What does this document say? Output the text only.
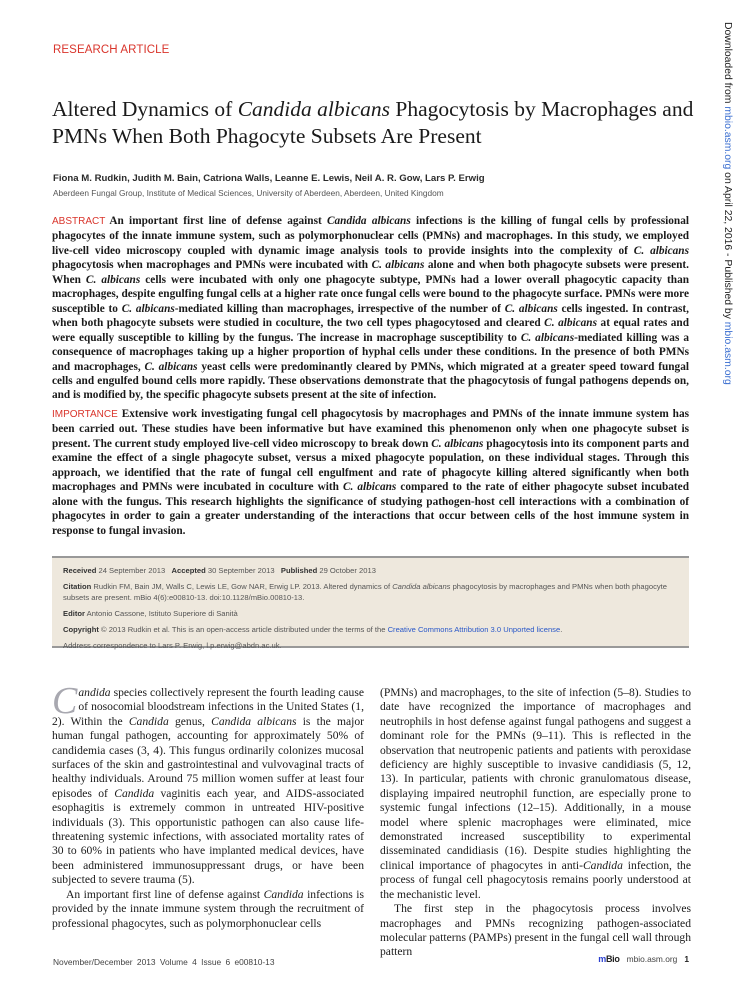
RESEARCH ARTICLE
Altered Dynamics of Candida albicans Phagocytosis by Macrophages and PMNs When Both Phagocyte Subsets Are Present
Fiona M. Rudkin, Judith M. Bain, Catriona Walls, Leanne E. Lewis, Neil A. R. Gow, Lars P. Erwig
Aberdeen Fungal Group, Institute of Medical Sciences, University of Aberdeen, Aberdeen, United Kingdom

ABSTRACT An important first line of defense against Candida albicans infections is the killing of fungal cells by professional phagocytes of the innate immune system, such as polymorphonuclear cells (PMNs) and macrophages. In this study, we employed live-cell video microscopy coupled with dynamic image analysis tools to provide insights into the complexity of C. albicans phagocytosis when macrophages and PMNs were incubated with C. albicans alone and when both phagocyte subsets were present. When C. albicans cells were incubated with only one phagocyte subtype, PMNs had a lower overall phagocytic capacity than macrophages, despite engulfing fungal cells at a higher rate once fungal cells were bound to the phagocyte surface. PMNs were more susceptible to C. albicans-mediated killing than macrophages, irrespective of the number of C. albicans cells ingested. In contrast, when both phagocyte subsets were studied in coculture, the two cell types phagocytosed and cleared C. albicans at equal rates and were equally susceptible to killing by the fungus. The increase in macrophage susceptibility to C. albicans-mediated killing was a consequence of macrophages taking up a higher proportion of hyphal cells under these conditions. In the presence of both PMNs and macrophages, C. albicans yeast cells were predominantly cleared by PMNs, which migrated at a greater speed toward fungal cells and engulfed bound cells more rapidly. These observations demonstrate that the phagocytosis of fungal pathogens depends on, and is modified by, the specific phagocyte subsets present at the site of infection.

IMPORTANCE Extensive work investigating fungal cell phagocytosis by macrophages and PMNs of the innate immune system has been carried out. These studies have been informative but have examined this phenomenon only when one phagocyte subset is present. The current study employed live-cell video microscopy to break down C. albicans phagocytosis into its component parts and examine the effect of a single phagocyte subset, versus a mixed phagocyte population, on these individual stages. Through this approach, we identified that the rate of fungal cell engulfment and rate of phagocyte killing altered significantly when both macrophages and PMNs were incubated in coculture with C. albicans compared to the rate of either phagocyte subset incubated alone with the fungus. This research highlights the significance of studying pathogen-host cell interactions with a combination of phagocytes in order to gain a greater understanding of the interactions that occur between cells of the host immune system in response to fungal invasion.

Received 24 September 2013 Accepted 30 September 2013 Published 29 October 2013

Citation Rudkin FM, Bain JM, Walls C, Lewis LE, Gow NAR, Erwig LP. 2013. Altered dynamics of Candida albicans phagocytosis by macrophages and PMNs when both phagocyte subsets are present. mBio 4(6):e00810-13. doi:10.1128/mBio.00810-13.

Editor Antonio Cassone, Istituto Superiore di Sanità

Copyright © 2013 Rudkin et al. This is an open-access article distributed under the terms of the Creative Commons Attribution 3.0 Unported license.

Address correspondence to Lars P. Erwig, l.p.erwig@abdn.ac.uk.

Candida species collectively represent the fourth leading cause of nosocomial bloodstream infections in the United States (1, 2). Within the Candida genus, Candida albicans is the major human fungal pathogen, accounting for approximately 50% of candidemia cases (3, 4). This fungus ordinarily colonizes mucosal surfaces of the skin and gastrointestinal and vulvovaginal tracts of healthy individuals. Around 75 million women suffer at least four episodes of Candida vaginitis each year, and AIDS-associated esophagitis is extremely common in untreated HIV-positive individuals (3). This opportunistic pathogen can also cause life-threatening systemic infections, with associated mortality rates of 30 to 60% in patients who have implanted medical devices, have been administered immunosuppressant drugs, or have been subjected to severe trauma (5).

An important first line of defense against Candida infections is provided by the innate immune system through the recruitment of professional phagocytes, such as polymorphonuclear cells

(PMNs) and macrophages, to the site of infection (5–8). Studies to date have recognized the importance of macrophages and neutrophils in host defense against fungal pathogens and suggest a dominant role for the PMNs (9–11). This is reflected in the observation that neutropenic patients and patients with peroxidase deficiency are highly susceptible to invasive candidiasis (5, 12, 13). In particular, patients with chronic granulomatous disease, displaying impaired neutrophil function, are especially prone to systemic fungal infections (12–15). Additionally, in a mouse model where splenic macrophages were eliminated, mice demonstrated increased susceptibility to experimental disseminated candidiasis (16). Despite studies highlighting the clinical importance of phagocytes in anti-Candida infection, the process of fungal cell phagocytosis remains poorly understood at the mechanistic level.

The first step in the phagocytosis process involves macrophages and PMNs recognizing pathogen-associated molecular patterns (PAMPs) present in the fungal cell wall through pattern

November/December 2013 Volume 4 Issue 6 e00810-13	mBio mbio.asm.org 1
Downloaded from mbio.asm.org on April 22, 2016 - Published by mbio.asm.org
